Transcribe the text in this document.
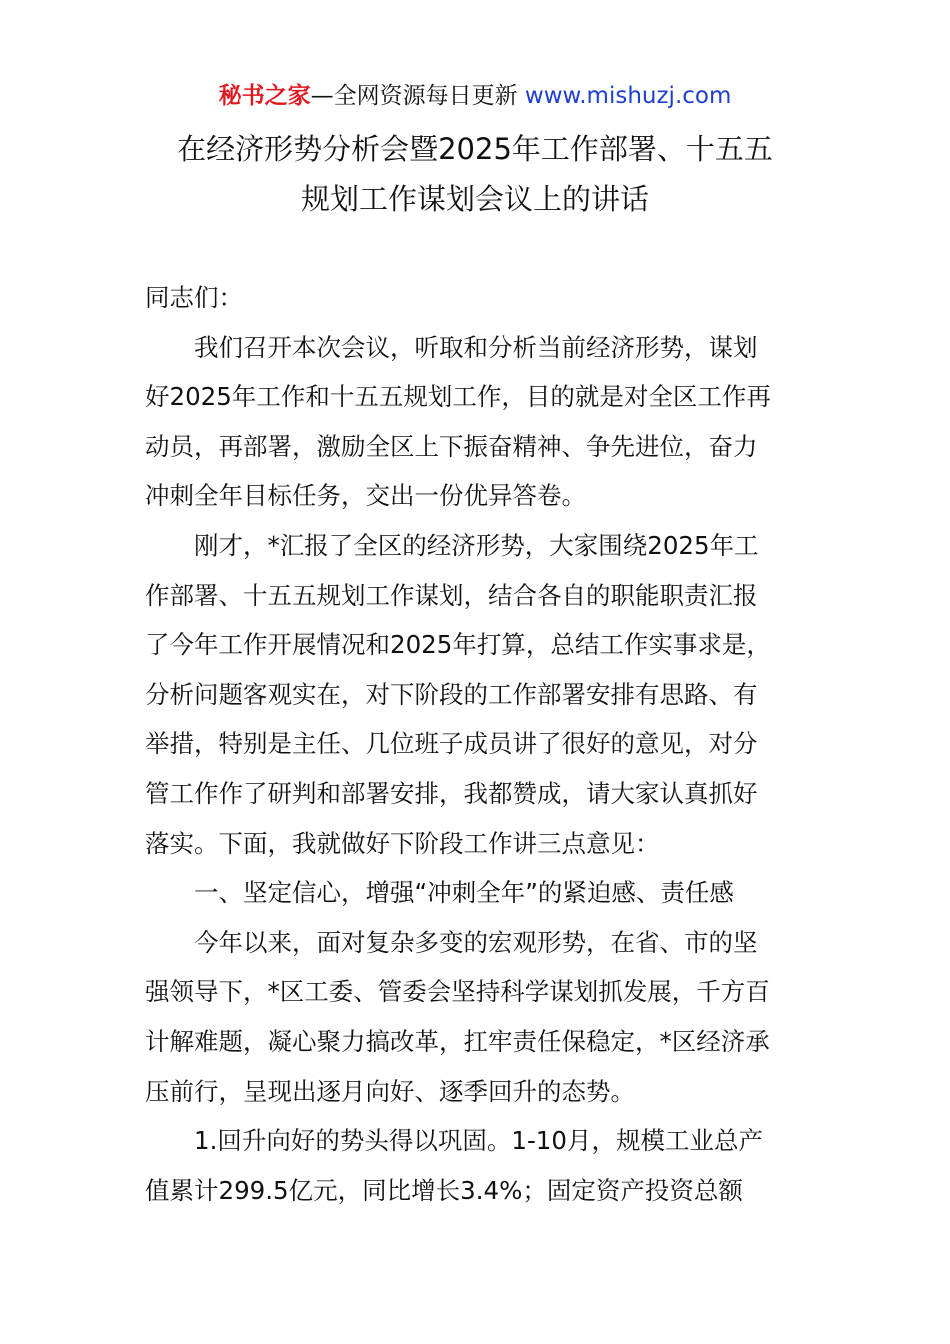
秘书之家—全网资源每日更新 www.mishuzj.com
在经济形势分析会暨2025年工作部署、十五五
规划工作谋划会议上的讲话

同志们：

我们召开本次会议，听取和分析当前经济形势，谋划
好2025年工作和十五五规划工作，目的就是对全区工作再
动员，再部署，激励全区上下振奋精神、争先进位，奋力
冲刺全年目标任务，交出一份优异答卷。

刚才，*汇报了全区的经济形势，大家围绕2025年工
作部署、十五五规划工作谋划，结合各自的职能职责汇报
了今年工作开展情况和2025年打算，总结工作实事求是，
分析问题客观实在，对下阶段的工作部署安排有思路、有
举措，特别是主任、几位班子成员讲了很好的意见，对分
管工作作了研判和部署安排，我都赞成，请大家认真抓好
落实。下面，我就做好下阶段工作讲三点意见：

一、坚定信心，增强“冲刺全年”的紧迫感、责任感

今年以来，面对复杂多变的宏观形势，在省、市的坚
强领导下，*区工委、管委会坚持科学谋划抓发展，千方百
计解难题，凝心聚力搞改革，扛牢责任保稳定，*区经济承
压前行，呈现出逐月向好、逐季回升的态势。

1.回升向好的势头得以巩固。1-10月，规模工业总产
值累计299.5亿元，同比增长3.4%；固定资产投资总额
